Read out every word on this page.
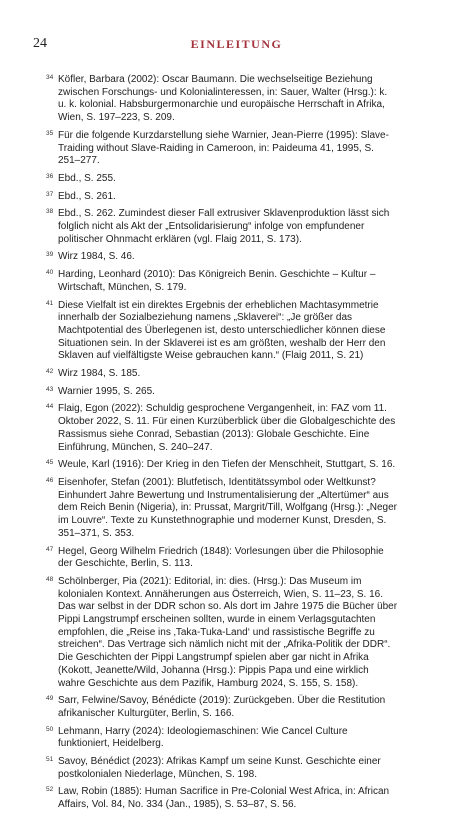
24	EINLEITUNG
34 Köfler, Barbara (2002): Oscar Baumann. Die wechselseitige Beziehung zwischen Forschungs- und Kolonialinteressen, in: Sauer, Walter (Hrsg.): k. u. k. kolonial. Habsburgermonarchie und europäische Herrschaft in Afrika, Wien, S. 197–223, S. 209.
35 Für die folgende Kurzdarstellung siehe Warnier, Jean-Pierre (1995): Slave-Traiding without Slave-Raiding in Cameroon, in: Paideuma 41, 1995, S. 251–277.
36 Ebd., S. 255.
37 Ebd., S. 261.
38 Ebd., S. 262. Zumindest dieser Fall extrusiver Sklavenproduktion lässt sich folglich nicht als Akt der „Entsolidarisierung“ infolge von empfundener politischer Ohnmacht erklären (vgl. Flaig 2011, S. 173).
39 Wirz 1984, S. 46.
40 Harding, Leonhard (2010): Das Königreich Benin. Geschichte – Kultur – Wirtschaft, München, S. 179.
41 Diese Vielfalt ist ein direktes Ergebnis der erheblichen Machtasymmetrie innerhalb der Sozialbeziehung namens „Sklaverei“: „Je größer das Machtpotential des Überlegenen ist, desto unterschiedlicher können diese Situationen sein. In der Sklaverei ist es am größten, weshalb der Herr den Sklaven auf vielfältigste Weise gebrauchen kann.“ (Flaig 2011, S. 21)
42 Wirz 1984, S. 185.
43 Warnier 1995, S. 265.
44 Flaig, Egon (2022): Schuldig gesprochene Vergangenheit, in: FAZ vom 11. Oktober 2022, S. 11. Für einen Kurzüberblick über die Globalgeschichte des Rassismus siehe Conrad, Sebastian (2013): Globale Geschichte. Eine Einführung, München, S. 240–247.
45 Weule, Karl (1916): Der Krieg in den Tiefen der Menschheit, Stuttgart, S. 16.
46 Eisenhofer, Stefan (2001): Blutfetisch, Identitätssymbol oder Weltkunst? Einhundert Jahre Bewertung und Instrumentalisierung der „Altertümer“ aus dem Reich Benin (Nigeria), in: Prussat, Margrit/Till, Wolfgang (Hrsg.): „Neger im Louvre“. Texte zu Kunstethnographie und moderner Kunst, Dresden, S. 351–371, S. 353.
47 Hegel, Georg Wilhelm Friedrich (1848): Vorlesungen über die Philosophie der Geschichte, Berlin, S. 113.
48 Schölnberger, Pia (2021): Editorial, in: dies. (Hrsg.): Das Museum im kolonialen Kontext. Annäherungen aus Österreich, Wien, S. 11–23, S. 16. Das war selbst in der DDR schon so. Als dort im Jahre 1975 die Bücher über Pippi Langstrumpf erscheinen sollten, wurde in einem Verlagsgutachten empfohlen, die „Reise ins ‚Taka-Tuka-Land‘ und rassistische Begriffe zu streichen“. Das Vertrage sich nämlich nicht mit der „Afrika-Politik der DDR“. Die Geschichten der Pippi Langstrumpf spielen aber gar nicht in Afrika (Kokott, Jeanette/Wild, Johanna (Hrsg.): Pippis Papa und eine wirklich wahre Geschichte aus dem Pazifik, Hamburg 2024, S. 155, S. 158).
49 Sarr, Felwine/Savoy, Bénédicte (2019): Zurückgeben. Über die Restitution afrikanischer Kulturgüter, Berlin, S. 166.
50 Lehmann, Harry (2024): Ideologiemaschinen: Wie Cancel Culture funktioniert, Heidelberg.
51 Savoy, Bénédict (2023): Afrikas Kampf um seine Kunst. Geschichte einer postkolonialen Niederlage, München, S. 198.
52 Law, Robin (1885): Human Sacrifice in Pre-Colonial West Africa, in: African Affairs, Vol. 84, No. 334 (Jan., 1985), S. 53–87, S. 56.
